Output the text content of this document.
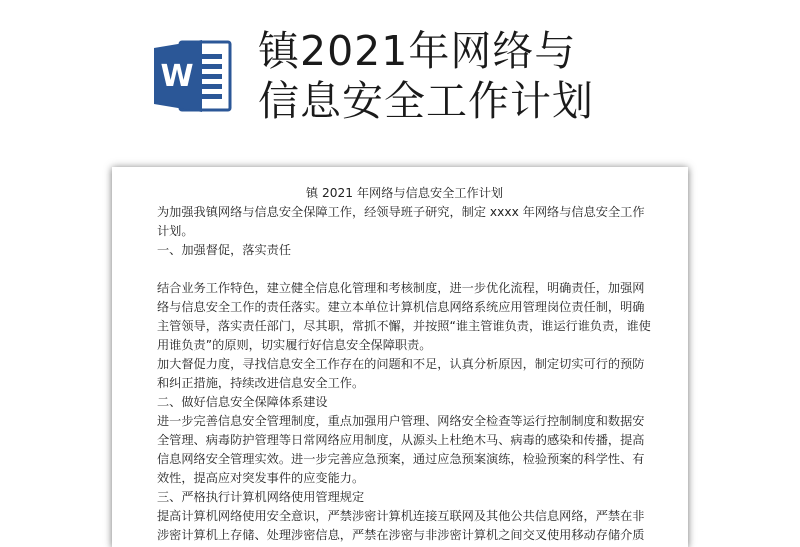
W
镇2021年网络与
信息安全工作计划
镇 2021 年网络与信息安全工作计划

为加强我镇网络与信息安全保障工作，经领导班子研究，制定 xxxx 年网络与信息安全工作计划。

一、加强督促，落实责任

结合业务工作特色，建立健全信息化管理和考核制度，进一步优化流程，明确责任，加强网络与信息安全工作的责任落实。建立本单位计算机信息网络系统应用管理岗位责任制，明确主管领导，落实责任部门，尽其职，常抓不懈，并按照“谁主管谁负责，谁运行谁负责，谁使用谁负责”的原则，切实履行好信息安全保障职责。

加大督促力度，寻找信息安全工作存在的问题和不足，认真分析原因，制定切实可行的预防和纠正措施，持续改进信息安全工作。

二、做好信息安全保障体系建设

进一步完善信息安全管理制度，重点加强用户管理、网络安全检查等运行控制制度和数据安全管理、病毒防护管理等日常网络应用制度，从源头上杜绝木马、病毒的感染和传播，提高信息网络安全管理实效。进一步完善应急预案，通过应急预案演练，检验预案的科学性、有效性，提高应对突发事件的应变能力。

三、严格执行计算机网络使用管理规定

提高计算机网络使用安全意识，严禁涉密计算机连接互联网及其他公共信息网络，严禁在非涉密计算机上存储、处理涉密信息，严禁在涉密与非涉密计算机之间交叉使用移动存储介质
